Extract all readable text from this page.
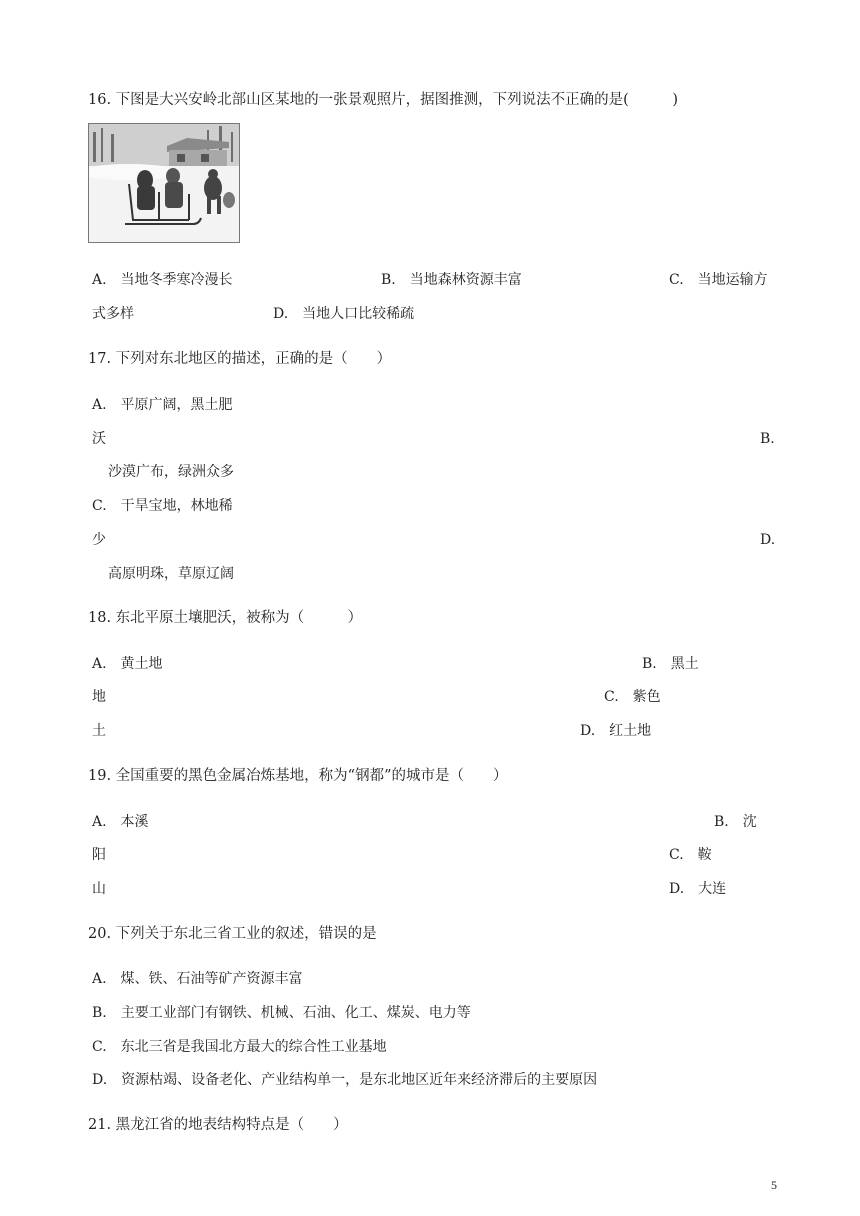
16. 下图是大兴安岭北部山区某地的一张景观照片，据图推测，下列说法不正确的是(　　　)
A.　当地冬季寒冷漫长	B.　当地森林资源丰富	C.　当地运输方
式多样	D.　当地人口比较稀疏
17. 下列对东北地区的描述，正确的是（　　）
A.　平原广阔，黑土肥
沃	B.
沙漠广布，绿洲众多
C.　干旱宝地，林地稀
少	D.
高原明珠，草原辽阔
18. 东北平原土壤肥沃，被称为（　　　）
A.　黄土地	B.　黑土
地	C.　紫色
土	D.　红土地
19. 全国重要的黑色金属冶炼基地，称为“钢都”的城市是（　　）
A.　本溪	B.　沈
阳	C.　鞍
山	D.　大连
20. 下列关于东北三省工业的叙述，错误的是
A.　煤、铁、石油等矿产资源丰富
B.　主要工业部门有钢铁、机械、石油、化工、煤炭、电力等
C.　东北三省是我国北方最大的综合性工业基地
D.　资源枯竭、设备老化、产业结构单一，是东北地区近年来经济滞后的主要原因
21. 黑龙江省的地表结构特点是（　　）
5
